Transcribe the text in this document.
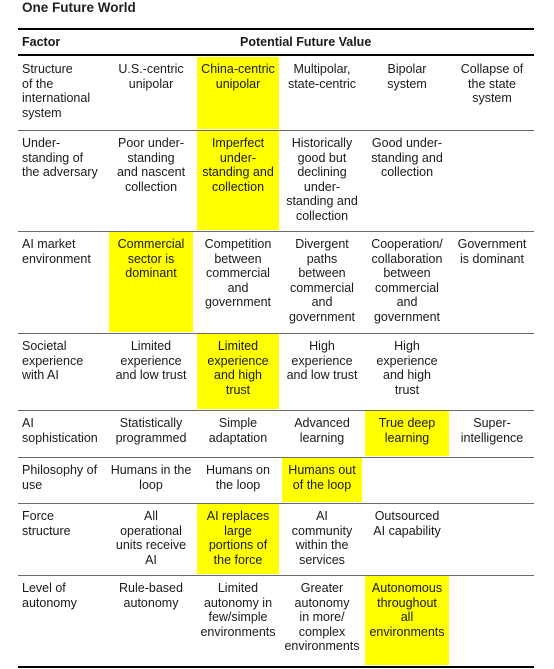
One Future World
Factor	Potential Future Value
Structure
of the
international
system
U.S.-centric
unipolar
China-centric
unipolar
Multipolar,
state-centric
Bipolar
system
Collapse of
the state
system
Under-
standing of
the adversary
Poor under-
standing
and nascent
collection
Imperfect
under-
standing and
collection
Historically
good but
declining
under-
standing and
collection
Good under-
standing and
collection
AI market
environment
Commercial
sector is
dominant
Competition
between
commercial
and
government
Divergent
paths
between
commercial
and
government
Cooperation/
collaboration
between
commercial
and
government
Government
is dominant
Societal
experience
with AI
Limited
experience
and low trust
Limited
experience
and high
trust
High
experience
and low trust
High
experience
and high
trust
AI
sophistication
Statistically
programmed
Simple
adaptation
Advanced
learning
True deep
learning
Super-
intelligence
Philosophy of
use
Humans in the
loop
Humans on
the loop
Humans out
of the loop
Force
structure
All
operational
units receive
AI
AI replaces
large
portions of
the force
AI
community
within the
services
Outsourced
AI capability
Level of
autonomy
Rule-based
autonomy
Limited
autonomy in
few/simple
environments
Greater
autonomy
in more/
complex
environments
Autonomous
throughout
all
environments
